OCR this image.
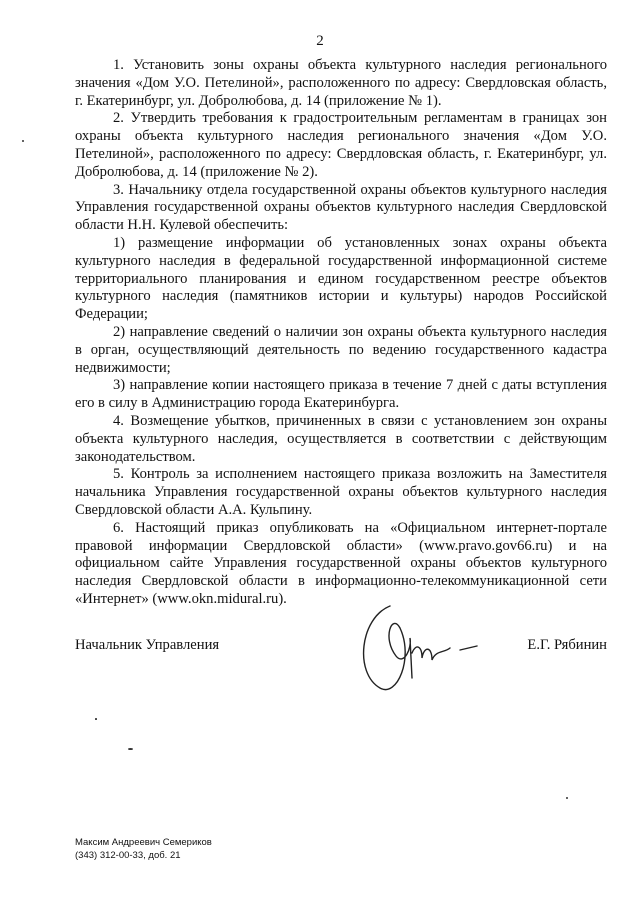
2

1. Установить зоны охраны объекта культурного наследия регионального значения «Дом У.О. Петелиной», расположенного по адресу: Свердловская область, г. Екатеринбург, ул. Добролюбова, д. 14 (приложение № 1).

2. Утвердить требования к градостроительным регламентам в границах зон охраны объекта культурного наследия регионального значения «Дом У.О. Петелиной», расположенного по адресу: Свердловская область, г. Екатеринбург, ул. Добролюбова, д. 14 (приложение № 2).

3. Начальнику отдела государственной охраны объектов культурного наследия Управления государственной охраны объектов культурного наследия Свердловской области Н.Н. Кулевой обеспечить:

1) размещение информации об установленных зонах охраны объекта культурного наследия в федеральной государственной информационной системе территориального планирования и едином государственном реестре объектов культурного наследия (памятников истории и культуры) народов Российской Федерации;

2) направление сведений о наличии зон охраны объекта культурного наследия в орган, осуществляющий деятельность по ведению государственного кадастра недвижимости;

3) направление копии настоящего приказа в течение 7 дней с даты вступления его в силу в Администрацию города Екатеринбурга.

4. Возмещение убытков, причиненных в связи с установлением зон охраны объекта культурного наследия, осуществляется в соответствии с действующим законодательством.

5. Контроль за исполнением настоящего приказа возложить на Заместителя начальника Управления государственной охраны объектов культурного наследия Свердловской области А.А. Кульпину.

6. Настоящий приказ опубликовать на «Официальном интернет-портале правовой информации Свердловской области» (www.pravo.gov66.ru) и на официальном сайте Управления государственной охраны объектов культурного наследия Свердловской области в информационно-телекоммуникационной сети «Интернет» (www.okn.midural.ru).

Начальник Управления	Е.Г. Рябинин
Максим Андреевич Семериков
(343) 312-00-33, доб. 21
